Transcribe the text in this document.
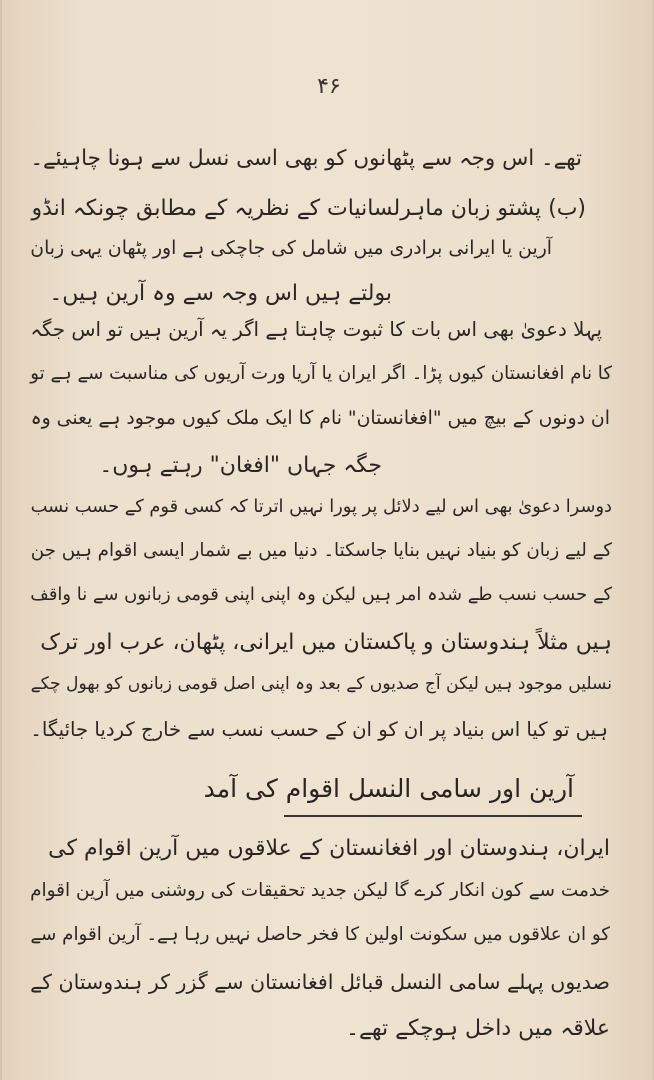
۴۶
تھے۔ اس وجہ سے پٹھانوں کو بھی اسی نسل سے ہونا چاہیئے۔
(ب) پشتو زبان ماہرلسانیات کے نظریہ کے مطابق چونکہ انڈو
آرین یا ایرانی برادری میں شامل کی جاچکی ہے اور پٹھان یہی زبان
بولتے ہیں اس وجہ سے وہ آرین ہیں۔
پہلا دعویٰ بھی اس بات کا ثبوت چاہتا ہے اگر یہ آرین ہیں تو اس جگہ
کا نام افغانستان کیوں پڑا۔ اگر ایران یا آریا ورت آریوں کی مناسبت سے ہے تو
ان دونوں کے بیچ میں "افغانستان" نام کا ایک ملک کیوں موجود ہے یعنی وہ
جگہ جہاں "افغان" رہتے ہوں۔
دوسرا دعویٰ بھی اس لیے دلائل پر پورا نہیں اترتا کہ کسی قوم کے حسب نسب
کے لیے زبان کو بنیاد نہیں بنایا جاسکتا۔ دنیا میں بے شمار ایسی اقوام ہیں جن
کے حسب نسب طے شدہ امر ہیں لیکن وہ اپنی اپنی قومی زبانوں سے نا واقف
ہیں مثلاً ہندوستان و پاکستان میں ایرانی، پٹھان، عرب اور ترک
نسلیں موجود ہیں لیکن آج صدیوں کے بعد وہ اپنی اصل قومی زبانوں کو بھول چکے
ہیں تو کیا اس بنیاد پر ان کو ان کے حسب نسب سے خارج کردیا جائیگا۔
آرین اور سامی النسل اقوام کی آمد
ایران، ہندوستان اور افغانستان کے علاقوں میں آرین اقوام کی
خدمت سے کون انکار کرے گا لیکن جدید تحقیقات کی روشنی میں آرین اقوام
کو ان علاقوں میں سکونت اولین کا فخر حاصل نہیں رہا ہے۔ آرین اقوام سے
صدیوں پہلے سامی النسل قبائل افغانستان سے گزر کر ہندوستان کے
علاقہ میں داخل ہوچکے تھے۔
